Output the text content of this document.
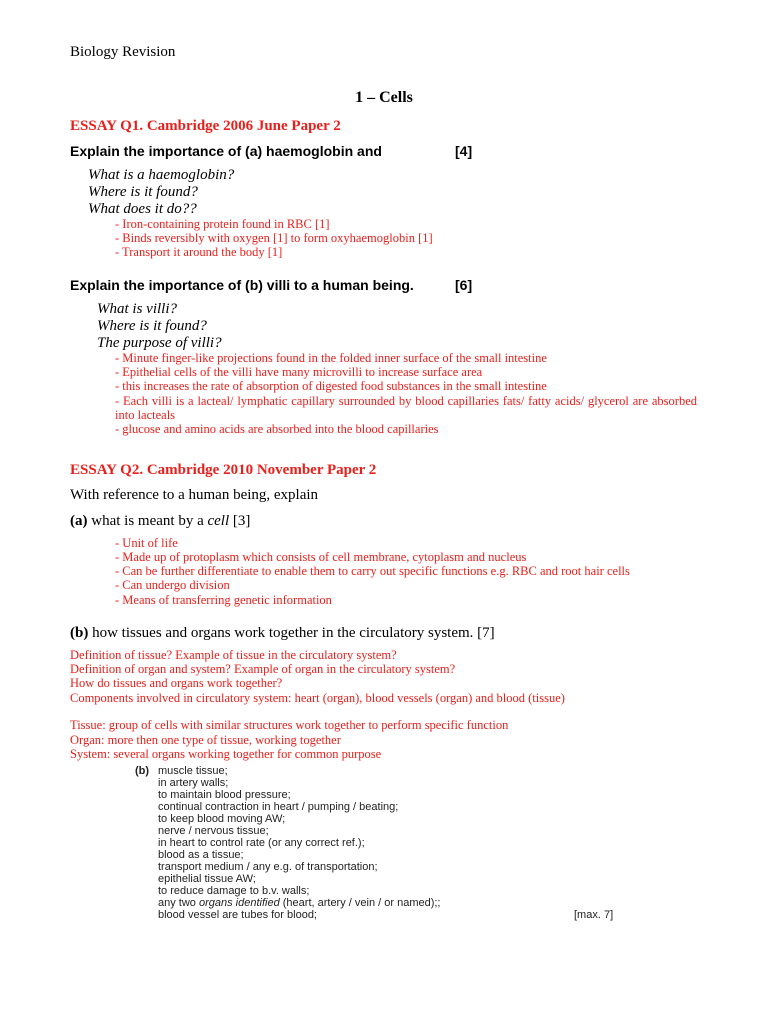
Biology Revision
1 – Cells
ESSAY Q1. Cambridge 2006 June Paper 2
Explain the importance of (a) haemoglobin and	[4]
What is a haemoglobin?
Where is it found?
What does it do??
- Iron-containing protein found in RBC [1]
- Binds reversibly with oxygen [1] to form oxyhaemoglobin [1]
- Transport it around the body [1]
Explain the importance of (b) villi to a human being.	[6]
What is villi?
Where is it found?
The purpose of villi?
- Minute finger-like projections found in the folded inner surface of the small intestine
- Epithelial cells of the villi have many microvilli to increase surface area
- this increases the rate of absorption of digested food substances in the small intestine
- Each villi is a lacteal/ lymphatic capillary surrounded by blood capillaries fats/ fatty acids/ glycerol are absorbed into lacteals
- glucose and amino acids are absorbed into the blood capillaries
ESSAY Q2. Cambridge 2010 November Paper 2
With reference to a human being, explain
(a) what is meant by a cell [3]
- Unit of life
- Made up of protoplasm which consists of cell membrane, cytoplasm and nucleus
- Can be further differentiate to enable them to carry out specific functions e.g. RBC and root hair cells
- Can undergo division
- Means of transferring genetic information
(b) how tissues and organs work together in the circulatory system. [7]
Definition of tissue? Example of tissue in the circulatory system?
Definition of organ and system? Example of organ in the circulatory system?
How do tissues and organs work together?
Components involved in circulatory system: heart (organ), blood vessels (organ) and blood (tissue)
Tissue: group of cells with similar structures work together to perform specific function
Organ: more then one type of tissue, working together
System: several organs working together for common purpose
(b) muscle tissue;
in artery walls;
to maintain blood pressure;
continual contraction in heart / pumping / beating;
to keep blood moving AW;
nerve / nervous tissue;
in heart to control rate (or any correct ref.);
blood as a tissue;
transport medium / any e.g. of transportation;
epithelial tissue AW;
to reduce damage to b.v. walls;
any two organs identified (heart, artery / vein / or named);;
blood vessel are tubes for blood;	[max. 7]
